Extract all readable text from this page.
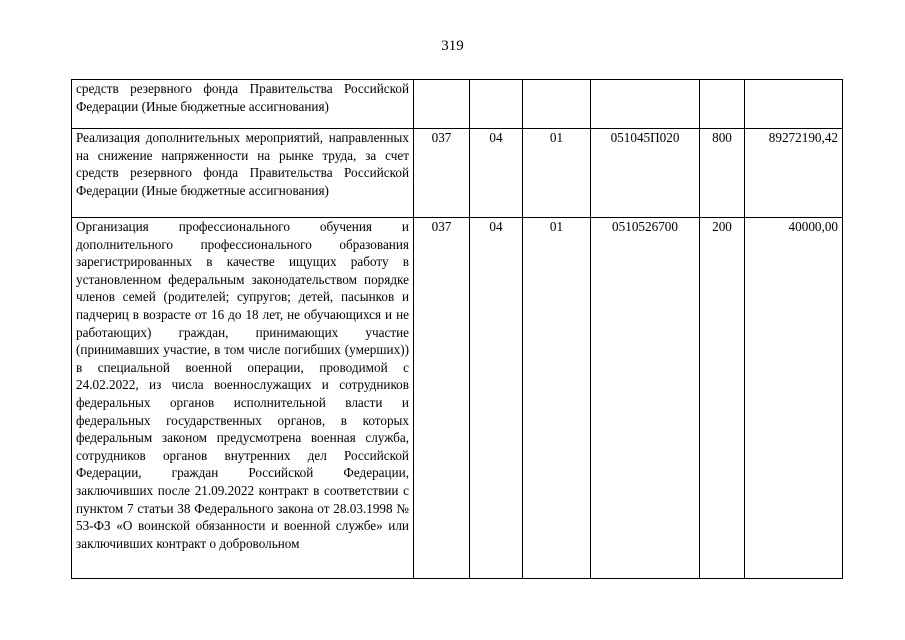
319
средств резервного фонда Правительства Российской Федерации (Иные бюджетные ассигнования)						
Реализация дополнительных мероприятий, направленных на снижение напряженности на рынке труда, за счет средств резервного фонда Правительства Российской Федерации (Иные бюджетные ассигнования)	037	04	01	051045П020	800	89272190,42

Организация профессионального обучения и дополнительного профессионального образования зарегистрированных в качестве ищущих работу в установленном федеральным законодательством порядке членов семей (родителей; супругов; детей, пасынков и падчериц в возрасте от 16 до 18 лет, не обучающихся и не работающих) граждан, принимающих участие (принимавших участие, в том числе погибших (умерших)) в специальной военной операции, проводимой с 24.02.2022, из числа военнослужащих и сотрудников федеральных органов исполнительной власти и федеральных государственных органов, в которых федеральным законом предусмотрена военная служба, сотрудников органов внутренних дел Российской Федерации, граждан Российской Федерации, заключивших после 21.09.2022 контракт в соответствии с пунктом 7 статьи 38 Федерального закона от 28.03.1998 № 53-ФЗ «О воинской обязанности и военной службе» или заключивших контракт о добровольном	037	04	01	0510526700	200	40000,00
